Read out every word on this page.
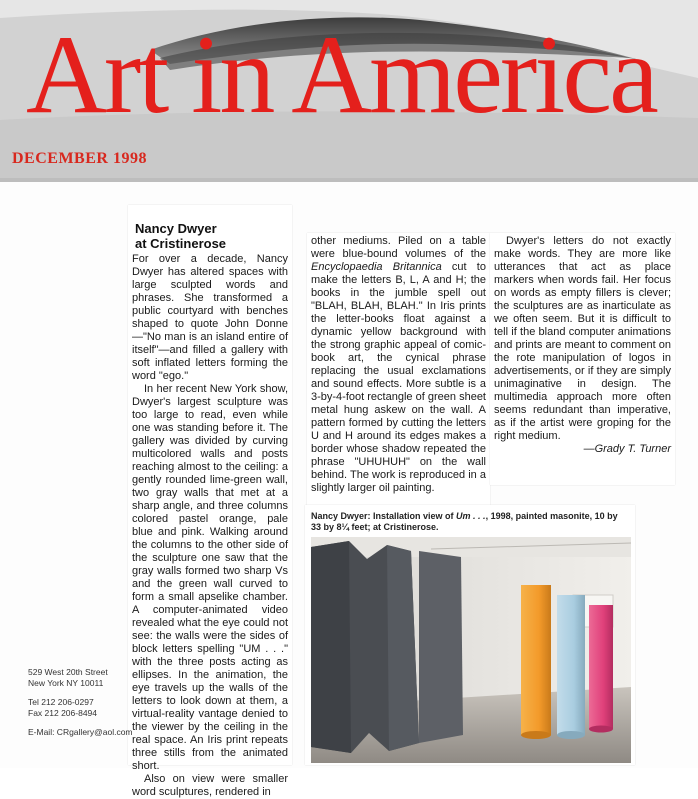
Art in America
DECEMBER 1998
Nancy Dwyer
at Cristinerose

For over a decade, Nancy Dwyer has altered spaces with large sculpted words and phrases. She transformed a public courtyard with benches shaped to quote John Donne—"No man is an island entire of itself"—and filled a gallery with soft inflated letters forming the word "ego."

In her recent New York show, Dwyer's largest sculpture was too large to read, even while one was standing before it. The gallery was divided by curving multicolored walls and posts reaching almost to the ceiling: a gently rounded lime-green wall, two gray walls that met at a sharp angle, and three columns colored pastel orange, pale blue and pink. Walking around the columns to the other side of the sculpture one saw that the gray walls formed two sharp Vs and the green wall curved to form a small apselike chamber. A computer-animated video revealed what the eye could not see: the walls were the sides of block letters spelling "UM . . ." with the three posts acting as ellipses. In the animation, the eye travels up the walls of the letters to look down at them, a virtual-reality vantage denied to the viewer by the ceiling in the real space. An Iris print repeats three stills from the animated short.

Also on view were smaller word sculptures, rendered in

other mediums. Piled on a table were blue-bound volumes of the Encyclopaedia Britannica cut to make the letters B, L, A and H; the books in the jumble spell out "BLAH, BLAH, BLAH." In Iris prints the letter-books float against a dynamic yellow background with the strong graphic appeal of comic-book art, the cynical phrase replacing the usual exclamations and sound effects. More subtle is a 3-by-4-foot rectangle of green sheet metal hung askew on the wall. A pattern formed by cutting the letters U and H around its edges makes a border whose shadow repeated the phrase "UHUHUH" on the wall behind. The work is reproduced in a slightly larger oil painting.

Dwyer's letters do not exactly make words. They are more like utterances that act as place markers when words fail. Her focus on words as empty fillers is clever; the sculptures are as inarticulate as we often seem. But it is difficult to tell if the bland computer animations and prints are meant to comment on the rote manipulation of logos in advertisements, or if they are simply unimaginative in design. The multimedia approach more often seems redundant than imperative, as if the artist were groping for the right medium.

—Grady T. Turner

Nancy Dwyer: Installation view of Um . . ., 1998, painted masonite, 10 by 33 by 8¼ feet; at Cristinerose.
529 West 20th Street
New York NY 10011
Tel 212 206-0297
Fax 212 206-8494
E-Mail: CRgallery@aol.com
